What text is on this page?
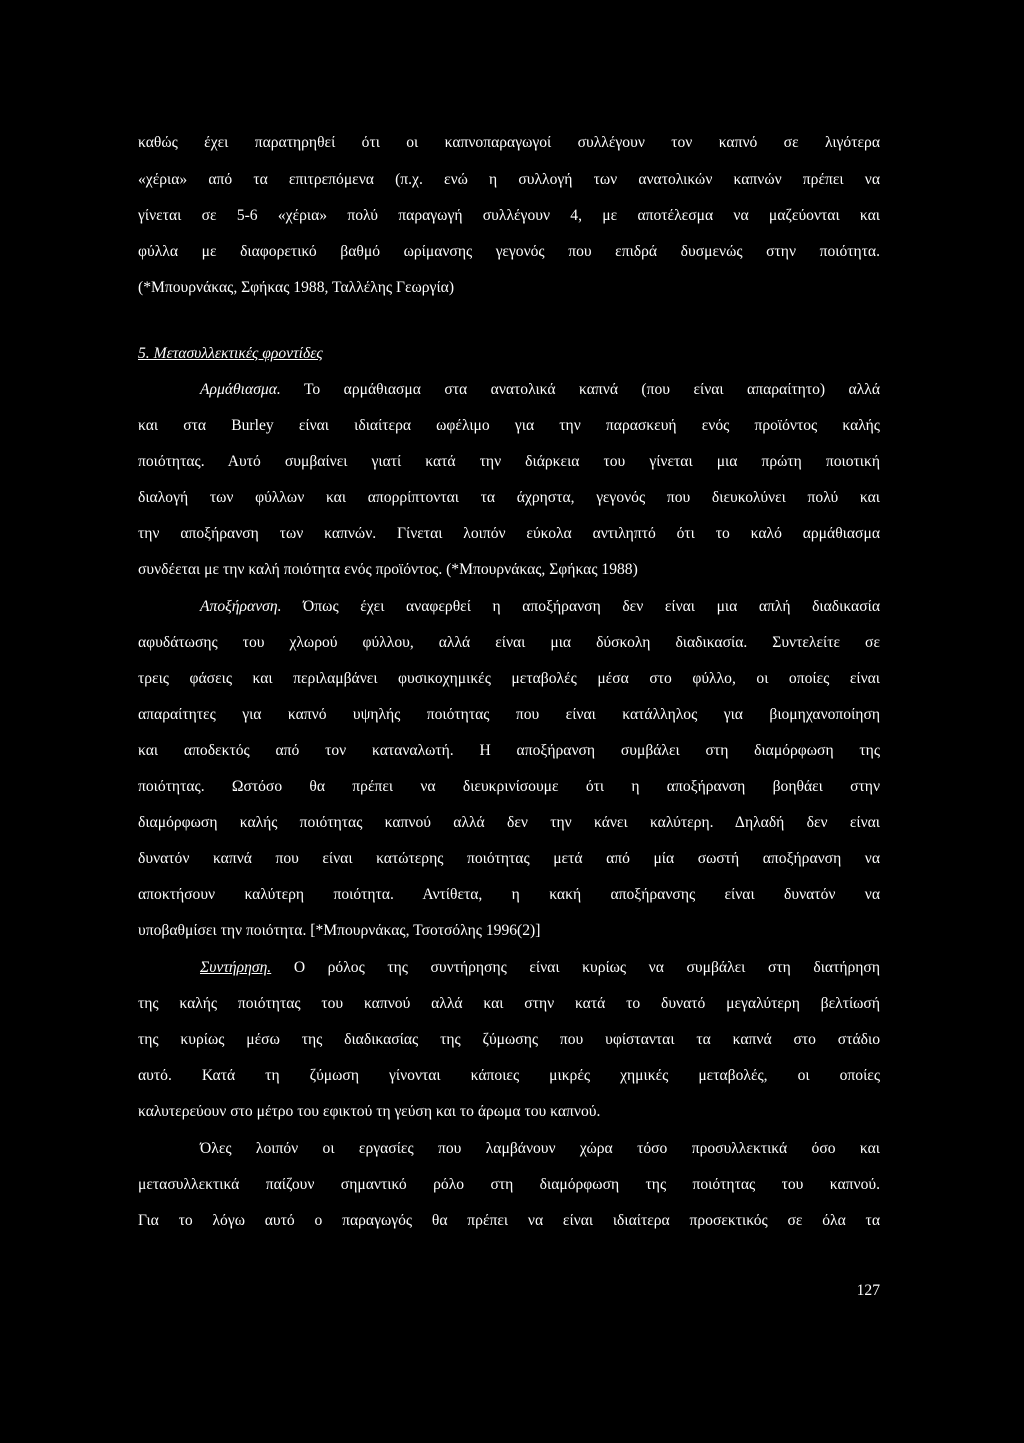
καθώς έχει παρατηρηθεί ότι οι καπνοπαραγωγοί συλλέγουν τον καπνό σε λιγότερα
«χέρια» από τα επιτρεπόμενα (π.χ. ενώ η συλλογή των ανατολικών καπνών πρέπει να
γίνεται σε 5-6 «χέρια» πολύ παραγωγή συλλέγουν 4, με αποτέλεσμα να μαζεύονται και
φύλλα με διαφορετικό βαθμό ωρίμανσης γεγονός που επιδρά δυσμενώς στην ποιότητα.
(*Μπουρνάκας, Σφήκας 1988, Ταλλέλης Γεωργία)
5. Μετασυλλεκτικές φροντίδες
Αρμάθιασμα. Το αρμάθιασμα στα ανατολικά καπνά (που είναι απαραίτητο) αλλά
και στα Burley είναι ιδιαίτερα ωφέλιμο για την παρασκευή ενός προϊόντος καλής
ποιότητας. Αυτό συμβαίνει γιατί κατά την διάρκεια του γίνεται μια πρώτη ποιοτική
διαλογή των φύλλων και απορρίπτονται τα άχρηστα, γεγονός που διευκολύνει πολύ και
την αποξήρανση των καπνών. Γίνεται λοιπόν εύκολα αντιληπτό ότι το καλό αρμάθιασμα
συνδέεται με την καλή ποιότητα ενός προϊόντος. (*Μπουρνάκας, Σφήκας 1988)
Αποξήρανση. Όπως έχει αναφερθεί η αποξήρανση δεν είναι μια απλή διαδικασία
αφυδάτωσης του χλωρού φύλλου, αλλά είναι μια δύσκολη διαδικασία. Συντελείτε σε
τρεις φάσεις και περιλαμβάνει φυσικοχημικές μεταβολές μέσα στο φύλλο, οι οποίες είναι
απαραίτητες για καπνό υψηλής ποιότητας που είναι κατάλληλος για βιομηχανοποίηση
και αποδεκτός από τον καταναλωτή. Η αποξήρανση συμβάλει στη διαμόρφωση της
ποιότητας. Ωστόσο θα πρέπει να διευκρινίσουμε ότι η αποξήρανση βοηθάει στην
διαμόρφωση καλής ποιότητας καπνού αλλά δεν την κάνει καλύτερη. Δηλαδή δεν είναι
δυνατόν καπνά που είναι κατώτερης ποιότητας μετά από μία σωστή αποξήρανση να
αποκτήσουν καλύτερη ποιότητα. Αντίθετα, η κακή αποξήρανσης είναι δυνατόν να
υποβαθμίσει την ποιότητα. [*Μπουρνάκας, Τσοτσόλης 1996(2)]
Συντήρηση. Ο ρόλος της συντήρησης είναι κυρίως να συμβάλει στη διατήρηση
της καλής ποιότητας του καπνού αλλά και στην κατά το δυνατό μεγαλύτερη βελτίωσή
της κυρίως μέσω της διαδικασίας της ζύμωσης που υφίστανται τα καπνά στο στάδιο
αυτό. Κατά τη ζύμωση γίνονται κάποιες μικρές χημικές μεταβολές, οι οποίες
καλυτερεύουν στο μέτρο του εφικτού τη γεύση και το άρωμα του καπνού.
Όλες λοιπόν οι εργασίες που λαμβάνουν χώρα τόσο προσυλλεκτικά όσο και
μετασυλλεκτικά παίζουν σημαντικό ρόλο στη διαμόρφωση της ποιότητας του καπνού.
Για το λόγω αυτό ο παραγωγός θα πρέπει να είναι ιδιαίτερα προσεκτικός σε όλα τα
127
